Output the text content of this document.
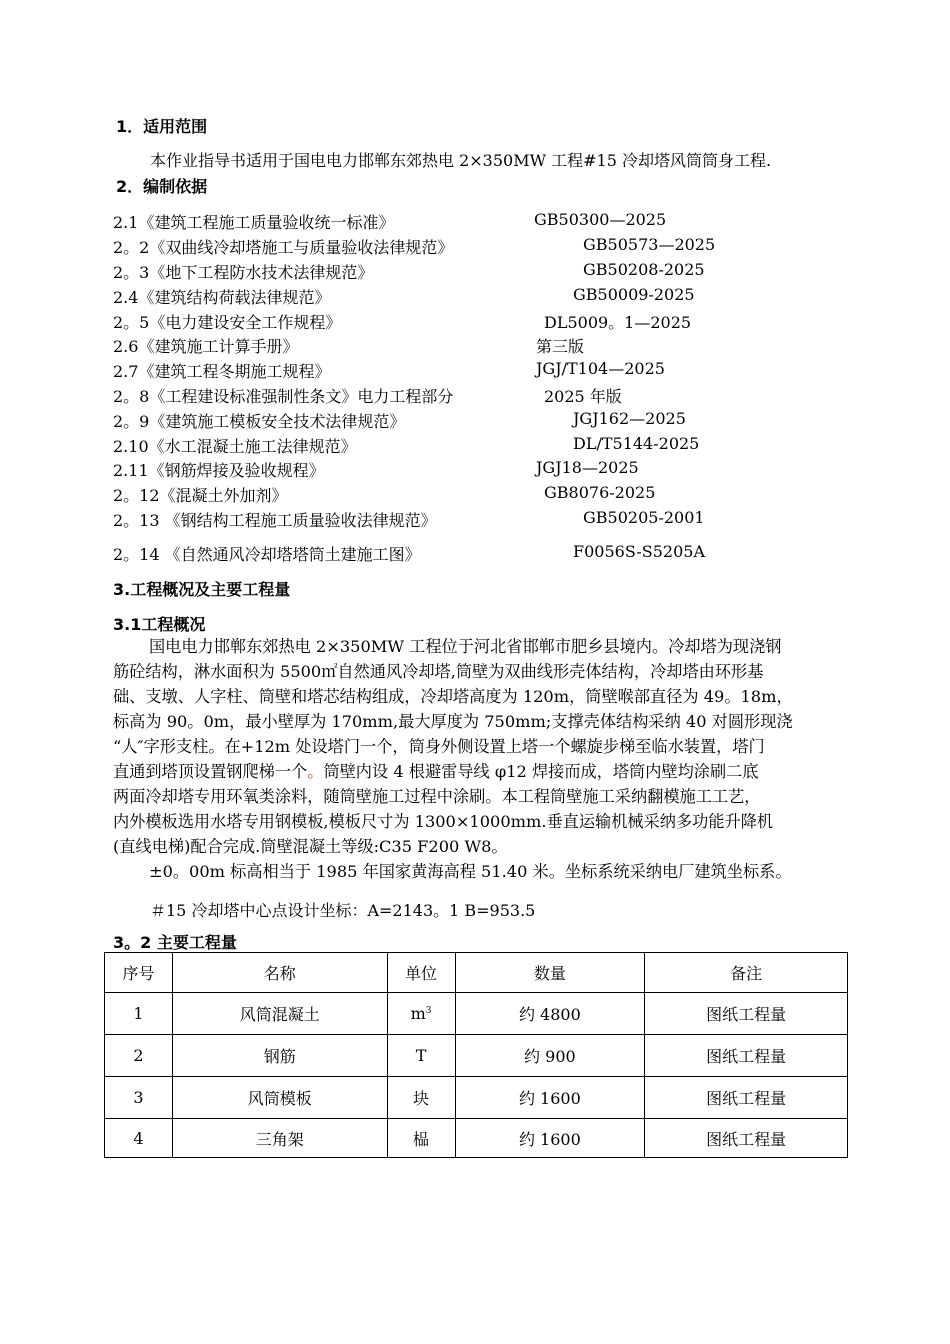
1．适用范围
本作业指导书适用于国电电力邯郸东郊热电 2×350MW 工程#15 冷却塔风筒筒身工程.
2．编制依据
2.1《建筑工程施工质量验收统一标准》	GB50300—2025
2。2《双曲线冷却塔施工与质量验收法律规范》	GB50573—2025
2。3《地下工程防水技术法律规范》	GB50208-2025
2.4《建筑结构荷载法律规范》	GB50009-2025
2。5《电力建设安全工作规程》	DL5009。1—2025
2.6《建筑施工计算手册》	第三版
2.7《建筑工程冬期施工规程》	JGJ/T104—2025
2。8《工程建设标准强制性条文》电力工程部分	2025 年版
2。9《建筑施工模板安全技术法律规范》	JGJ162—2025
2.10《水工混凝土施工法律规范》	DL/T5144-2025
2.11《钢筋焊接及验收规程》	JGJ18—2025
2。12《混凝土外加剂》	GB8076-2025
2。13 《钢结构工程施工质量验收法律规范》	GB50205-2001
2。14 《自然通风冷却塔塔筒土建施工图》	F0056S-S5205A
3.工程概况及主要工程量
3.1工程概况
国电电力邯郸东郊热电 2×350MW 工程位于河北省邯郸市肥乡县境内。冷却塔为现浇钢
筋砼结构，淋水面积为 5500㎡自然通风冷却塔,筒壁为双曲线形壳体结构，冷却塔由环形基
础、支墩、人字柱、筒壁和塔芯结构组成，冷却塔高度为 120m，筒壁喉部直径为 49。18m，
标高为 90。0m，最小壁厚为 170mm,最大厚度为 750mm;支撑壳体结构采纳 40 对圆形现浇
“人″字形支柱。在+12m 处设塔门一个，筒身外侧设置上塔一个螺旋步梯至临水装置，塔门
直通到塔顶设置钢爬梯一个。筒壁内设 4 根避雷导线 φ12 焊接而成，塔筒内壁均涂刷二底
两面冷却塔专用环氧类涂料，随筒壁施工过程中涂刷。本工程筒壁施工采纳翻模施工工艺，
内外模板选用水塔专用钢模板,模板尺寸为 1300×1000mm.垂直运输机械采纳多功能升降机
(直线电梯)配合完成.筒壁混凝土等级:C35 F200 W8。
±0。00m 标高相当于 1985 年国家黄海高程 51.40 米。坐标系统采纳电厂建筑坐标系。
＃15 冷却塔中心点设计坐标：A=2143。1 B=953.5
3。2 主要工程量
序号	名称	单位	数量	备注
1	风筒混凝土	$m^3$	约 4800	图纸工程量
2	钢筋	T	约 900	图纸工程量
3	风筒模板	块	约 1600	图纸工程量
4	三角架	榀	约 1600	图纸工程量
